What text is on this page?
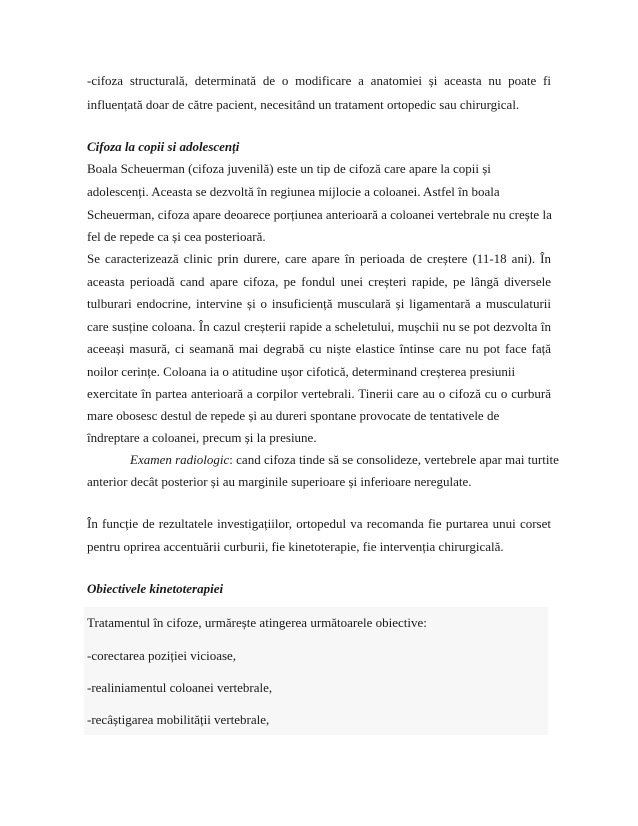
-cifoza structurală, determinată de o modificare a anatomiei și aceasta nu poate fi
influențată doar de către pacient, necesitând un tratament ortopedic sau chirurgical.
Cifoza la copii si adolescenți
Boala Scheuerman (cifoza juvenilă) este un tip de cifoză care apare la copii și
adolescenți. Aceasta se dezvoltă în regiunea mijlocie a coloanei. Astfel în boala
Scheuerman, cifoza apare deoarece porțiunea anterioară a coloanei vertebrale nu crește la
fel de repede ca și cea posterioară.
Se caracterizează clinic prin durere, care apare în perioada de creștere (11-18 ani). În
aceasta perioadă cand apare cifoza, pe fondul unei creșteri rapide, pe lângă diversele
tulburari endocrine, intervine și o insuficiență musculară și ligamentară a musculaturii
care susține coloana. În cazul creșterii rapide a scheletului, mușchii nu se pot dezvolta în
aceeași masură, ci seamană mai degrabă cu niște elastice întinse care nu pot face față
noilor cerințe. Coloana ia o atitudine ușor cifotică, determinand creșterea presiunii
exercitate în partea anterioară a corpilor vertebrali. Tinerii care au o cifoză cu o curbură
mare obosesc destul de repede și au dureri spontane provocate de tentativele de
îndreptare a coloanei, precum și la presiune.
Examen radiologic: cand cifoza tinde să se consolideze, vertebrele apar mai turtite
anterior decât posterior și au marginile superioare și inferioare neregulate.
În funcție de rezultatele investigațiilor, ortopedul va recomanda fie purtarea unui corset
pentru oprirea accentuării curburii, fie kinetoterapie, fie intervenția chirurgicală.
Obiectivele kinetoterapiei
Tratamentul în cifoze, urmărește atingerea următoarele obiective:
-corectarea poziției vicioase,
-realiniamentul coloanei vertebrale,
-recâștigarea mobilității vertebrale,
